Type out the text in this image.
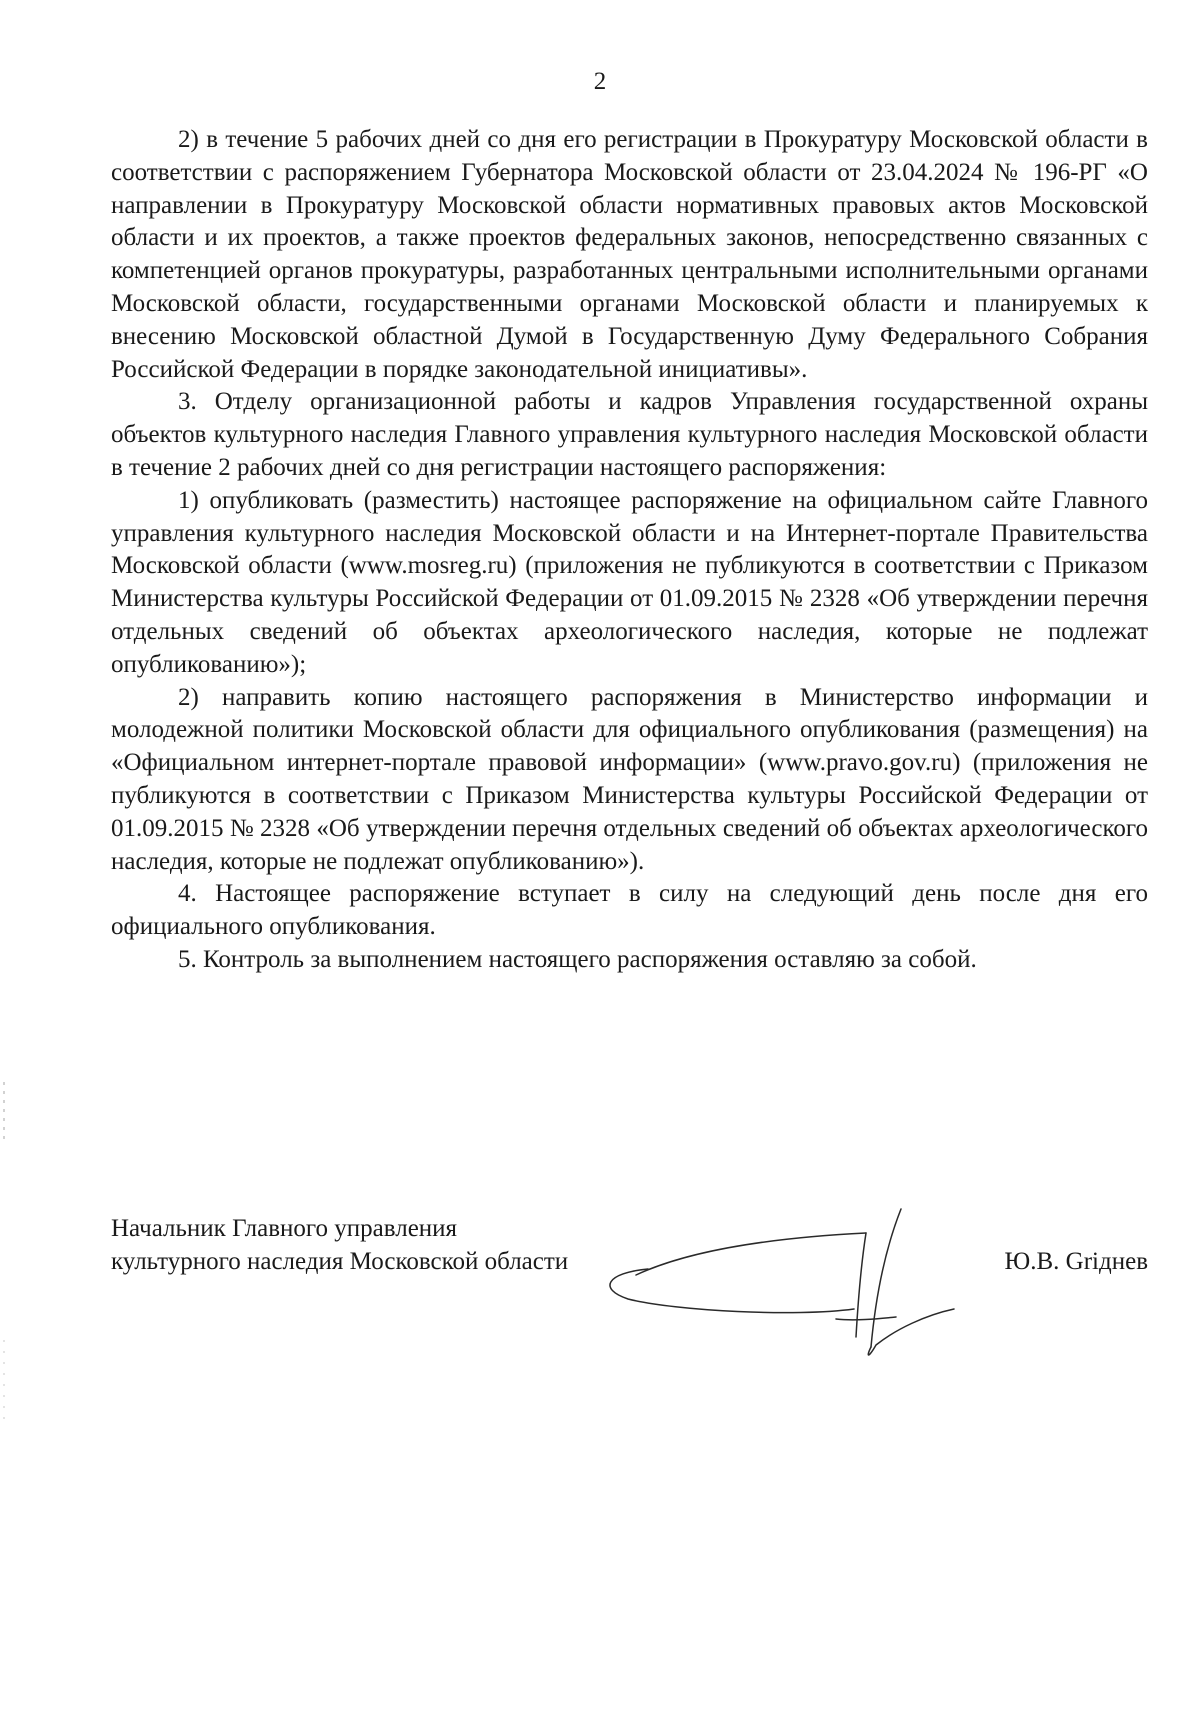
2

2) в течение 5 рабочих дней со дня его регистрации в Прокуратуру Московской области в соответствии с распоряжением Губернатора Московской области от 23.04.2024 № 196-РГ «О направлении в Прокуратуру Московской области нормативных правовых актов Московской области и их проектов, а также проектов федеральных законов, непосредственно связанных с компетенцией органов прокуратуры, разработанных центральными исполнительными органами Московской области, государственными органами Московской области и планируемых к внесению Московской областной Думой в Государственную Думу Федерального Собрания Российской Федерации в порядке законодательной инициативы».

3. Отделу организационной работы и кадров Управления государственной охраны объектов культурного наследия Главного управления культурного наследия Московской области в течение 2 рабочих дней со дня регистрации настоящего распоряжения:

1) опубликовать (разместить) настоящее распоряжение на официальном сайте Главного управления культурного наследия Московской области и на Интернет-портале Правительства Московской области (www.mosreg.ru) (приложения не публикуются в соответствии с Приказом Министерства культуры Российской Федерации от 01.09.2015 № 2328 «Об утверждении перечня отдельных сведений об объектах археологического наследия, которые не подлежат опубликованию»);

2) направить копию настоящего распоряжения в Министерство информации и молодежной политики Московской области для официального опубликования (размещения) на «Официальном интернет-портале правовой информации» (www.pravo.gov.ru) (приложения не публикуются в соответствии с Приказом Министерства культуры Российской Федерации от 01.09.2015 № 2328 «Об утверждении перечня отдельных сведений об объектах археологического наследия, которые не подлежат опубликованию»).

4. Настоящее распоряжение вступает в силу на следующий день после дня его официального опубликования.

5. Контроль за выполнением настоящего распоряжения оставляю за собой.

Начальник Главного управления
культурного наследия Московской области	Ю.В. Griднев
